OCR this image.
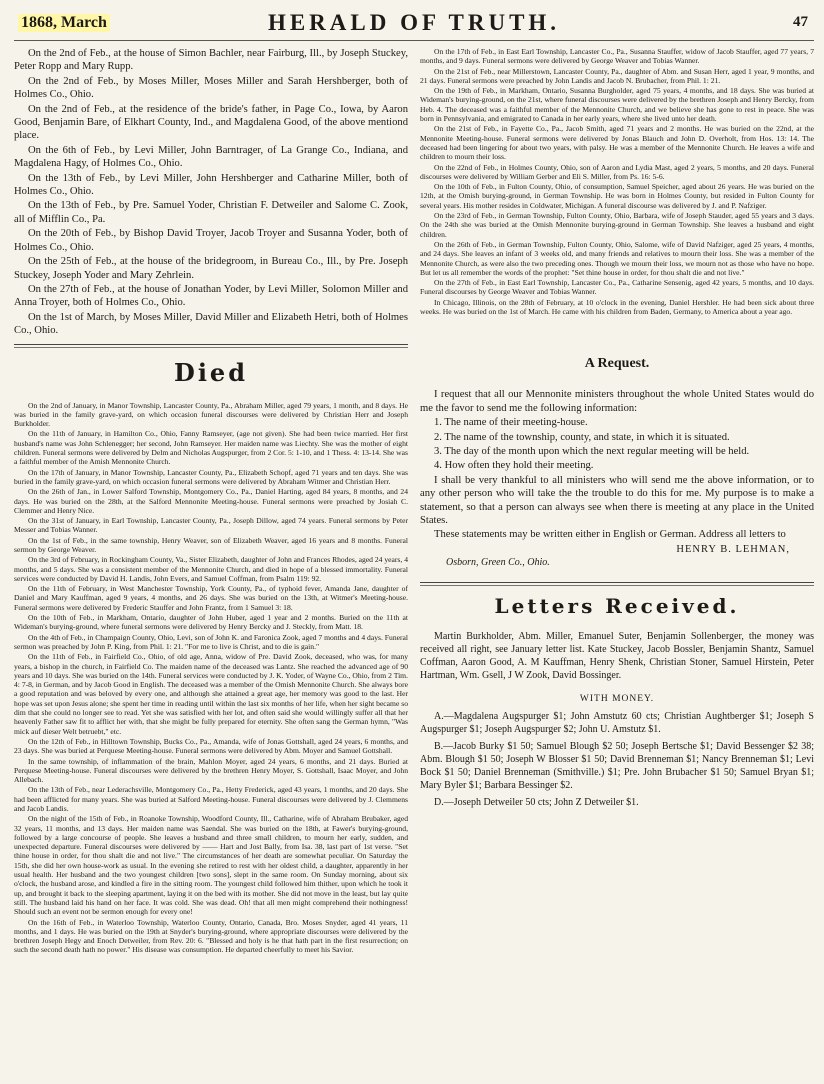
1868, March	HERALD OF TRUTH.	47

On the 2nd of Feb., at the house of Simon Bachler, near Fairburg, Ill., by Joseph Stuckey, Peter Ropp and Mary Rupp.

On the 2nd of Feb., by Moses Miller, Moses Miller and Sarah Hershberger, both of Holmes Co., Ohio.

On the 2nd of Feb., at the residence of the bride's father, in Page Co., Iowa, by Aaron Good, Benjamin Bare, of Elkhart County, Ind., and Magdalena Good, of the above mentiond place.

On the 6th of Feb., by Levi Miller, John Barntrager, of La Grange Co., Indiana, and Magdalena Hagy, of Holmes Co., Ohio.

On the 13th of Feb., by Levi Miller, John Hershberger and Catharine Miller, both of Holmes Co., Ohio.

On the 13th of Feb., by Pre. Samuel Yoder, Christian F. Detweiler and Salome C. Zook, all of Mifflin Co., Pa.

On the 20th of Feb., by Bishop David Troyer, Jacob Troyer and Susanna Yoder, both of Holmes Co., Ohio.

On the 25th of Feb., at the house of the bridegroom, in Bureau Co., Ill., by Pre. Joseph Stuckey, Joseph Yoder and Mary Zehrlein.

On the 27th of Feb., at the house of Jonathan Yoder, by Levi Miller, Solomon Miller and Anna Troyer, both of Holmes Co., Ohio.

On the 1st of March, by Moses Miller, David Miller and Elizabeth Hetri, both of Holmes Co., Ohio.

Died

On the 2nd of January, in Manor Township, Lancaster County, Pa., Abraham Miller, aged 79 years, 1 month, and 8 days. He was buried in the family grave-yard, on which occasion funeral discourses were delivered by Christian Herr and Joseph Burkholder.

On the 11th of January, in Hamilton Co., Ohio, Fanny Ramseyer, (age not given). She had been twice married. Her first husband's name was John Schlenegger; her second, John Ramseyer. Her maiden name was Liechty. She was the mother of eight children. Funeral sermons were delivered by Delm and Nicholas Augspurger, from 2 Cor. 5: 1-10, and 1 Thess. 4: 13-14. She was a faithful member of the Amish Mennonite Church.

On the 17th of January, in Manor Township, Lancaster County, Pa., Elizabeth Schopf, aged 71 years and ten days. She was buried in the family grave-yard, on which occasion funeral sermons were delivered by Abraham Witmer and Christian Herr.

On the 26th of Jan., in Lower Salford Township, Montgomery Co., Pa., Daniel Harting, aged 84 years, 8 months, and 24 days. He was buried on the 28th, at the Salford Mennonite Meeting-house. Funeral sermons were preached by Josiah C. Clemmer and Henry Nice.

On the 31st of January, in Earl Township, Lancaster County, Pa., Joseph Dillow, aged 74 years. Funeral sermons by Peter Messer and Tobias Wanner.

On the 1st of Feb., in the same township, Henry Weaver, son of Elizabeth Weaver, aged 16 years and 8 months. Funeral sermon by George Weaver.

On the 3rd of February, in Rockingham County, Va., Sister Elizabeth, daughter of John and Frances Rhodes, aged 24 years, 4 months, and 5 days. She was a consistent member of the Mennonite Church, and died in hope of a blessed immortality. Funeral services were conducted by David H. Landis, John Evers, and Samuel Coffman, from Psalm 119: 92.

On the 11th of February, in West Manchester Township, York County, Pa., of typhoid fever, Amanda Jane, daughter of Daniel and Mary Kauffman, aged 9 years, 4 months, and 26 days. She was buried on the 13th, at Witmer's Meeting-house. Funeral sermons were delivered by Frederic Stauffer and John Frantz, from 1 Samuel 3: 18.

On the 10th of Feb., in Markham, Ontario, daughter of John Huber, aged 1 year and 2 months. Buried on the 11th at Wideman's burying-ground, where funeral sermons were delivered by Henry Bercky and J. Steckly, from Matt. 18.

On the 4th of Feb., in Champaign County, Ohio, Levi, son of John K. and Faronica Zook, aged 7 months and 4 days. Funeral sermon was preached by John P. King, from Phil. 1: 21. "For me to live is Christ, and to die is gain."

On the 11th of Feb., in Fairfield Co., Ohio, of old age, Anna, widow of Pre. David Zook, deceased, who was, for many years, a bishop in the church, in Fairfield Co. The maiden name of the deceased was Lantz. She reached the advanced age of 90 years and 10 days. She was buried on the 14th. Funeral services were conducted by J. K. Yoder, of Wayne Co., Ohio, from 2 Tim. 4: 7-8, in German, and by Jacob Good in English. The deceased was a member of the Omish Mennonite Church. She always bore a good reputation and was beloved by every one, and although she attained a great age, her memory was good to the last. Her hope was set upon Jesus alone; she spent her time in reading until within the last six months of her life, when her sight became so dim that she could no longer see to read. Yet she was satisfied with her lot, and often said she would willingly suffer all that her heavenly Father saw fit to afflict her with, that she might be fully prepared for eternity. She often sang the German hymn, "Was mick auf dieser Welt betruebt," etc.

On the 12th of Feb., in Hilltown Township, Bucks Co., Pa., Amanda, wife of Jonas Gottshall, aged 24 years, 6 months, and 23 days. She was buried at Perquese Meeting-house. Funeral sermons were delivered by Abm. Moyer and Samuel Gottshall.

In the same township, of inflammation of the brain, Mahlon Moyer, aged 24 years, 6 months, and 21 days. Buried at Perquese Meeting-house. Funeral discourses were delivered by the brethren Henry Moyer, S. Gottshall, Isaac Moyer, and John Allebach.

On the 13th of Feb., near Lederachsville, Montgomery Co., Pa., Hetty Frederick, aged 43 years, 1 months, and 20 days. She had been afflicted for many years. She was buried at Salford Meeting-house. Funeral discourses were delivered by J. Clemmens and Jacob Landis.

On the night of the 15th of Feb., in Roanoke Township, Woodford County, Ill., Catharine, wife of Abraham Brubaker, aged 32 years, 11 months, and 13 days. Her maiden name was Saendal. She was buried on the 18th, at Fawer's burying-ground, followed by a large concourse of people. She leaves a husband and three small children, to mourn her early, sudden, and unexpected departure. Funeral discourses were delivered by —— Hart and Jost Bally, from Isa. 38, last part of 1st verse. "Set thine house in order, for thou shalt die and not live." The circumstances of her death are somewhat peculiar. On Saturday the 15th, she did her own house-work as usual. In the evening she retired to rest with her oldest child, a daughter, apparently in her usual health. Her husband and the two youngest children [two sons], slept in the same room. On Sunday morning, about six o'clock, the husband arose, and kindled a fire in the sitting room. The youngest child followed him thither, upon which he took it up, and brought it back to the sleeping apartment, laying it on the bed with its mother. She did not move in the least, but lay quite still. The husband laid his hand on her face. It was cold. She was dead. Oh! that all men might comprehend their nothingness! Should such an event not be sermon enough for every one!

On the 16th of Feb., in Waterloo Township, Waterloo County, Ontario, Canada, Bro. Moses Snyder, aged 41 years, 11 months, and 1 days. He was buried on the 19th at Snyder's burying-ground, where appropriate discourses were delivered by the brethren Joseph Hegy and Enoch Detweiler, from Rev. 20: 6. "Blessed and holy is he that hath part in the first resurrection; on such the second death hath no power." His disease was consumption. He departed cheerfully to meet his Savior.

On the 17th of Feb., in East Earl Township, Lancaster Co., Pa., Susanna Stauffer, widow of Jacob Stauffer, aged 77 years, 7 months, and 9 days. Funeral sermons were delivered by George Weaver and Tobias Wanner.

On the 21st of Feb., near Millerstown, Lancaster County, Pa., daughter of Abm. and Susan Herr, aged 1 year, 9 months, and 21 days. Funeral sermons were preached by John Landis and Jacob N. Brubacher, from Phil. 1: 21.

On the 19th of Feb., in Markham, Ontario, Susanna Burgholder, aged 75 years, 4 months, and 18 days. She was buried at Wideman's burying-ground, on the 21st, where funeral discourses were delivered by the brethren Joseph and Henry Bercky, from Heb. 4. The deceased was a faithful member of the Mennonite Church, and we believe she has gone to rest in peace. She was born in Pennsylvania, and emigrated to Canada in her early years, where she lived unto her death.

On the 21st of Feb., in Fayette Co., Pa., Jacob Smith, aged 71 years and 2 months. He was buried on the 22nd, at the Mennonite Meeting-house. Funeral sermons were delivered by Jonas Blauch and John D. Overholt, from Hos. 13: 14. The deceased had been lingering for about two years, with palsy. He was a member of the Mennonite Church. He leaves a wife and children to mourn their loss.

On the 22nd of Feb., in Holmes County, Ohio, son of Aaron and Lydia Mast, aged 2 years, 5 months, and 20 days. Funeral discourses were delivered by William Gerber and Eli S. Miller, from Ps. 16: 5-6.

On the 10th of Feb., in Fulton County, Ohio, of consumption, Samuel Speicher, aged about 26 years. He was buried on the 12th, at the Omish burying-ground, in German Township. He was born in Holmes County, but resided in Fulton County for several years. His mother resides in Coldwater, Michigan. A funeral discourse was delivered by J. and P. Nafziger.

On the 23rd of Feb., in German Township, Fulton County, Ohio, Barbara, wife of Joseph Stauder, aged 55 years and 3 days. On the 24th she was buried at the Omish Mennonite burying-ground in German Township. She leaves a husband and eight children.

On the 26th of Feb., in German Township, Fulton County, Ohio, Salome, wife of David Nafziger, aged 25 years, 4 months, and 24 days. She leaves an infant of 3 weeks old, and many friends and relatives to mourn their loss. She was a member of the Mennonite Church, as were also the two preceding ones. Though we mourn their loss, we mourn not as those who have no hope. But let us all remember the words of the prophet: "Set thine house in order, for thou shalt die and not live."

On the 27th of Feb., in East Earl Township, Lancaster Co., Pa., Catharine Sensenig, aged 42 years, 5 months, and 10 days. Funeral discourses by George Weaver and Tobias Wanner.

In Chicago, Illinois, on the 28th of February, at 10 o'clock in the evening, Daniel Hershler. He had been sick about three weeks. He was buried on the 1st of March. He came with his children from Baden, Germany, to America about a year ago.

A Request.

I request that all our Mennonite ministers throughout the whole United States would do me the favor to send me the following information:

1. The name of their meeting-house.

2. The name of the township, county, and state, in which it is situated.

3. The day of the month upon which the next regular meeting will be held.

4. How often they hold their meeting.

I shall be very thankful to all ministers who will send me the above information, or to any other person who will take the the trouble to do this for me. My purpose is to make a statement, so that a person can always see when there is meeting at any place in the United States.

These statements may be written either in English or German. Address all letters to

HENRY B. LEHMAN,
Osborn, Green Co., Ohio.
Letters Received.

Martin Burkholder, Abm. Miller, Emanuel Suter, Benjamin Sollenberger, the money was received all right, see January letter list. Kate Stuckey, Jacob Bossler, Benjamin Shantz, Samuel Coffman, Aaron Good, A. M Kauffman, Henry Shenk, Christian Stoner, Samuel Hirstein, Peter Hartman, Wm. Gsell, J W Zook, David Bossinger.

WITH MONEY.

A.—Magdalena Augspurger $1; John Amstutz 60 cts; Christian Aughtberger $1; Joseph S Augspurger $1; Joseph Augspurger $2; John U. Amstutz $1.

B.—Jacob Burky $1 50; Samuel Blough $2 50; Joseph Bertsche $1; David Bessenger $2 38; Abm. Blough $1 50; Joseph W Blosser $1 50; David Brenneman $1; Nancy Brenneman $1; Levi Bock $1 50; Daniel Brenneman (Smithville.) $1; Pre. John Brubacher $1 50; Samuel Bryan $1; Mary Byler $1; Barbara Bessinger $2.

D.—Joseph Detweiler 50 cts; John Z Detweiler $1.
